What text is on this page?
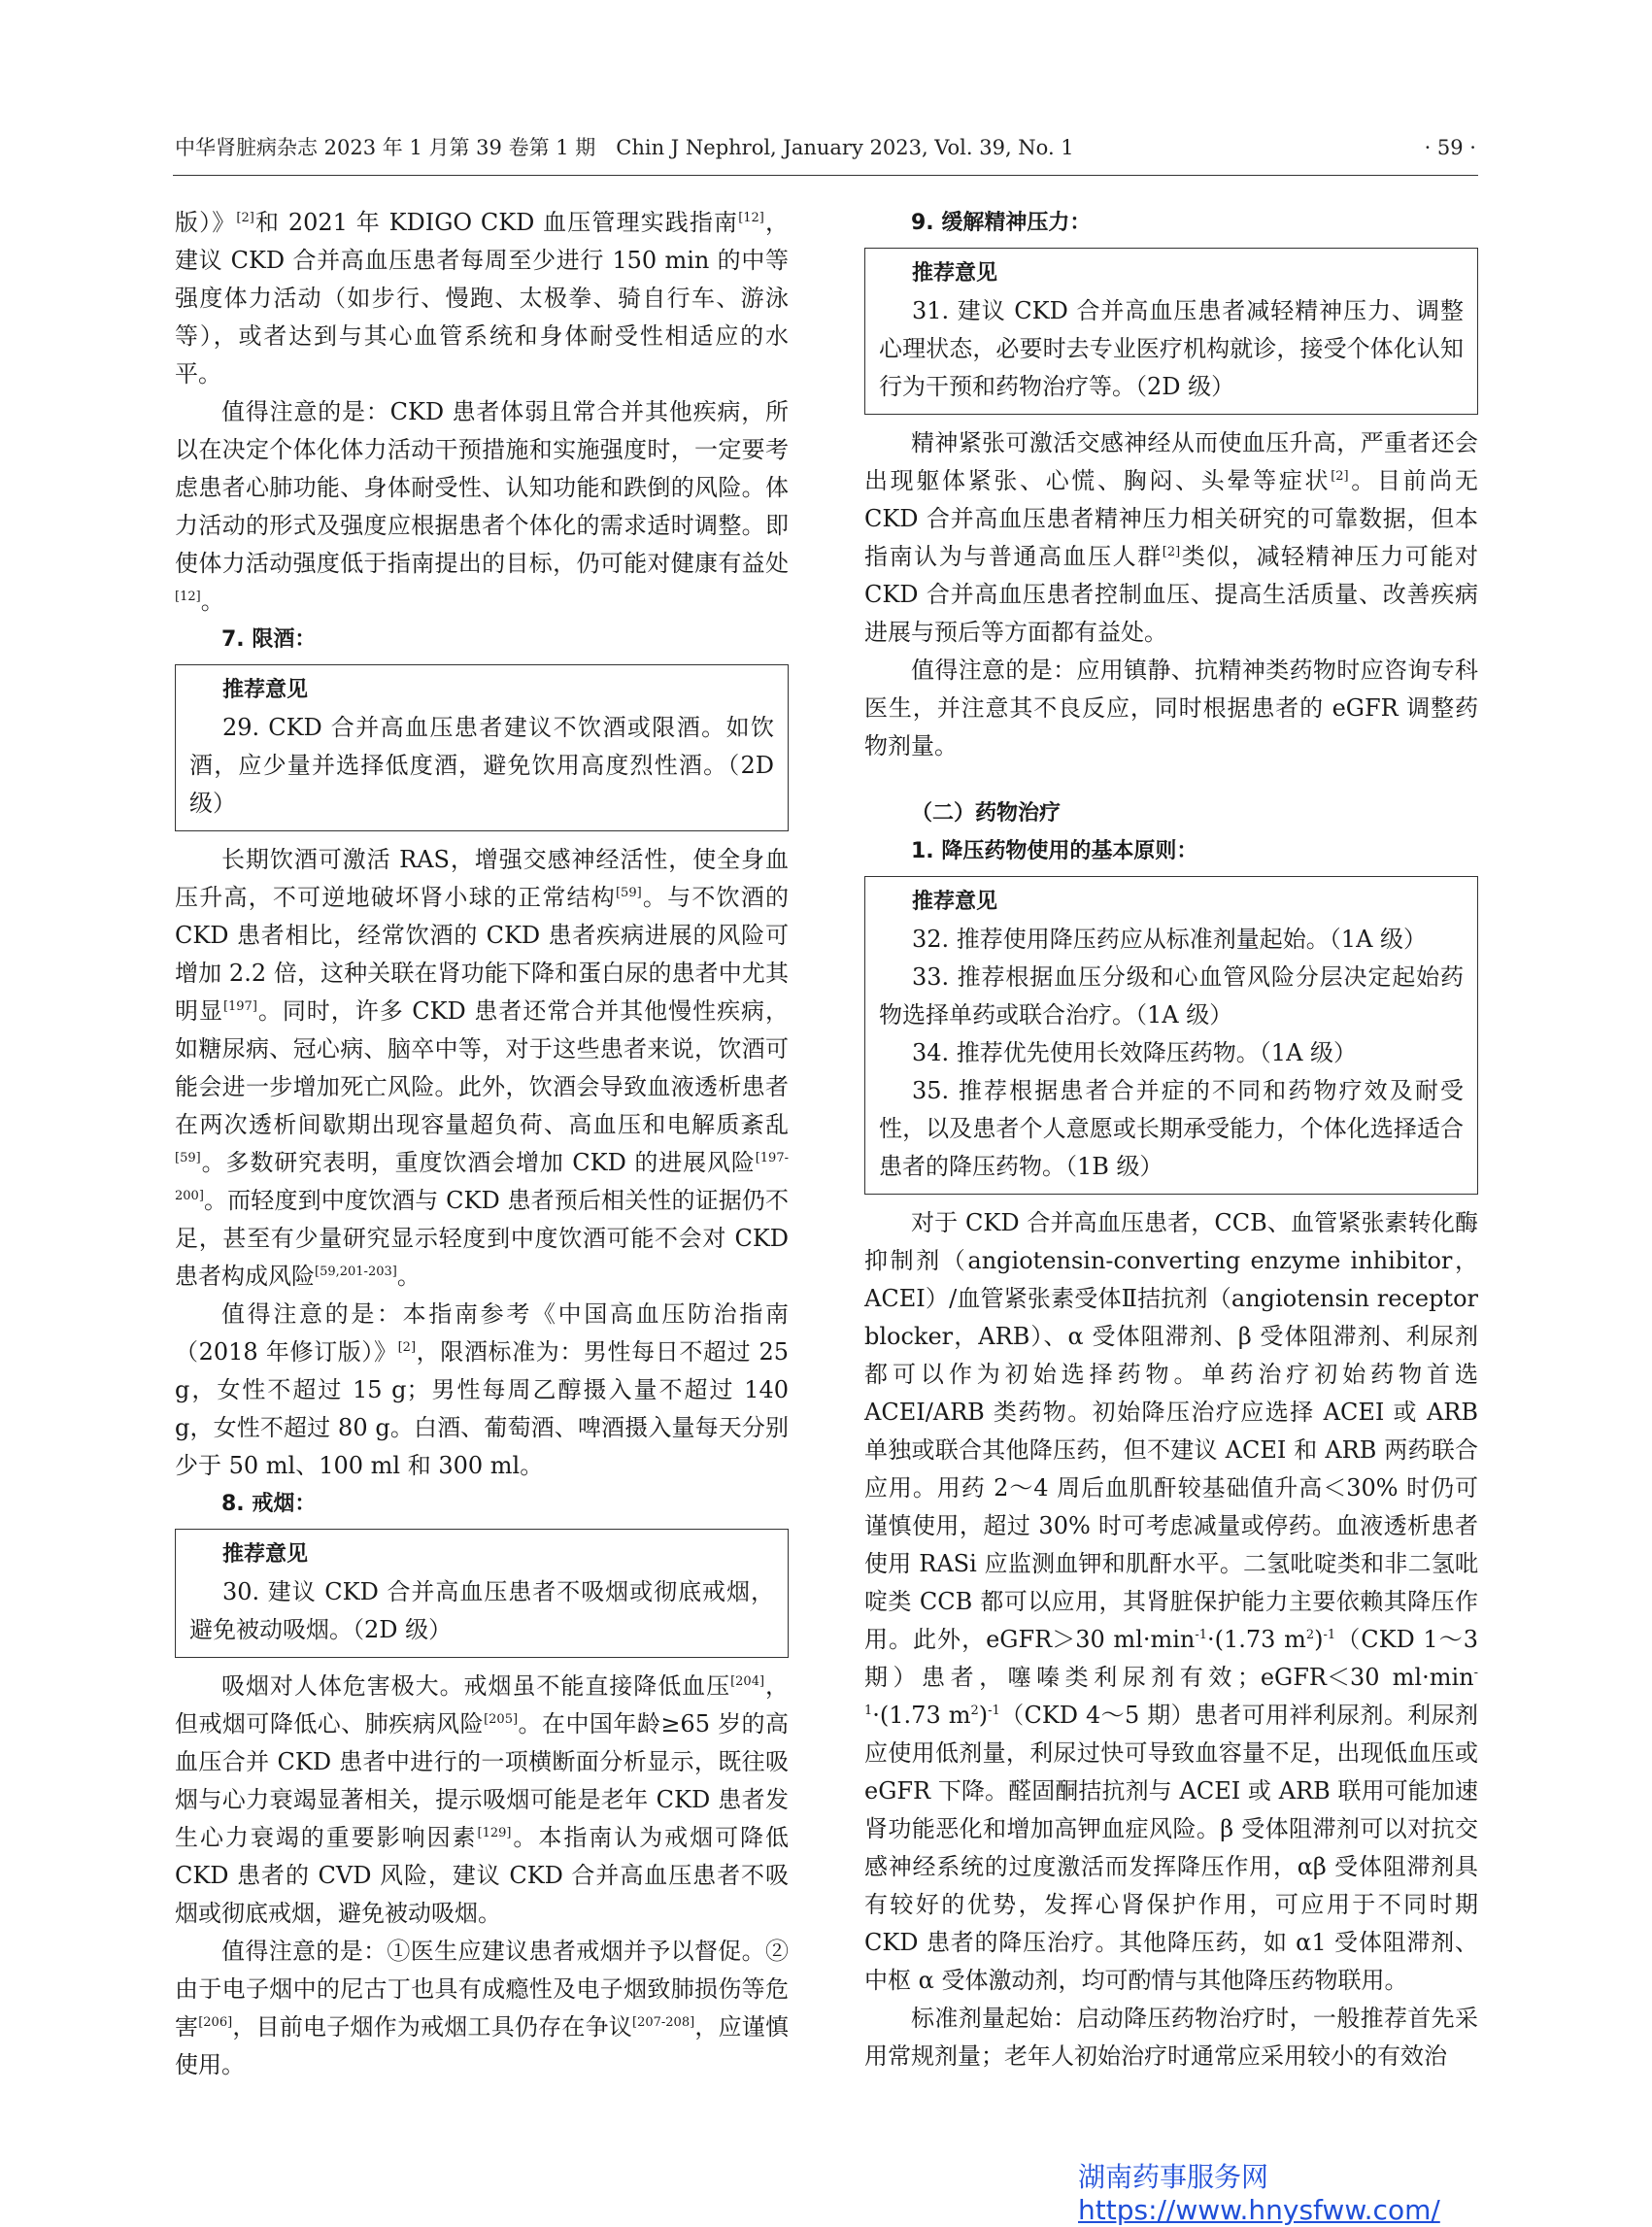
中华肾脏病杂志 2023 年 1 月第 39 卷第 1 期　Chin J Nephrol, January 2023, Vol. 39, No. 1	· 59 ·

版）》[2]和 2021 年 KDIGO CKD 血压管理实践指南[12]，建议 CKD 合并高血压患者每周至少进行 150 min 的中等强度体力活动（如步行、慢跑、太极拳、骑自行车、游泳等），或者达到与其心血管系统和身体耐受性相适应的水平。

值得注意的是：CKD 患者体弱且常合并其他疾病，所以在决定个体化体力活动干预措施和实施强度时，一定要考虑患者心肺功能、身体耐受性、认知功能和跌倒的风险。体力活动的形式及强度应根据患者个体化的需求适时调整。即使体力活动强度低于指南提出的目标，仍可能对健康有益处[12]。

7. 限酒：

推荐意见

29. CKD 合并高血压患者建议不饮酒或限酒。如饮酒，应少量并选择低度酒，避免饮用高度烈性酒。（2D 级）

长期饮酒可激活 RAS，增强交感神经活性，使全身血压升高，不可逆地破坏肾小球的正常结构[59]。与不饮酒的 CKD 患者相比，经常饮酒的 CKD 患者疾病进展的风险可增加 2.2 倍，这种关联在肾功能下降和蛋白尿的患者中尤其明显[197]。同时，许多 CKD 患者还常合并其他慢性疾病，如糖尿病、冠心病、脑卒中等，对于这些患者来说，饮酒可能会进一步增加死亡风险。此外，饮酒会导致血液透析患者在两次透析间歇期出现容量超负荷、高血压和电解质紊乱[59]。多数研究表明，重度饮酒会增加 CKD 的进展风险[197-200]。而轻度到中度饮酒与 CKD 患者预后相关性的证据仍不足，甚至有少量研究显示轻度到中度饮酒可能不会对 CKD 患者构成风险[59,201-203]。

值得注意的是：本指南参考《中国高血压防治指南（2018 年修订版）》[2]，限酒标准为：男性每日不超过 25 g，女性不超过 15 g；男性每周乙醇摄入量不超过 140 g，女性不超过 80 g。白酒、葡萄酒、啤酒摄入量每天分别少于 50 ml、100 ml 和 300 ml。

8. 戒烟：

推荐意见

30. 建议 CKD 合并高血压患者不吸烟或彻底戒烟，避免被动吸烟。（2D 级）

吸烟对人体危害极大。戒烟虽不能直接降低血压[204]，但戒烟可降低心、肺疾病风险[205]。在中国年龄≥65 岁的高血压合并 CKD 患者中进行的一项横断面分析显示，既往吸烟与心力衰竭显著相关，提示吸烟可能是老年 CKD 患者发生心力衰竭的重要影响因素[129]。本指南认为戒烟可降低 CKD 患者的 CVD 风险，建议 CKD 合并高血压患者不吸烟或彻底戒烟，避免被动吸烟。

值得注意的是：①医生应建议患者戒烟并予以督促。②由于电子烟中的尼古丁也具有成瘾性及电子烟致肺损伤等危害[206]，目前电子烟作为戒烟工具仍存在争议[207-208]，应谨慎使用。

9. 缓解精神压力：

推荐意见

31. 建议 CKD 合并高血压患者减轻精神压力、调整心理状态，必要时去专业医疗机构就诊，接受个体化认知行为干预和药物治疗等。（2D 级）

精神紧张可激活交感神经从而使血压升高，严重者还会出现躯体紧张、心慌、胸闷、头晕等症状[2]。目前尚无 CKD 合并高血压患者精神压力相关研究的可靠数据，但本指南认为与普通高血压人群[2]类似，减轻精神压力可能对 CKD 合并高血压患者控制血压、提高生活质量、改善疾病进展与预后等方面都有益处。

值得注意的是：应用镇静、抗精神类药物时应咨询专科医生，并注意其不良反应，同时根据患者的 eGFR 调整药物剂量。

（二）药物治疗

1. 降压药物使用的基本原则：

推荐意见

32. 推荐使用降压药应从标准剂量起始。（1A 级）

33. 推荐根据血压分级和心血管风险分层决定起始药物选择单药或联合治疗。（1A 级）

34. 推荐优先使用长效降压药物。（1A 级）

35. 推荐根据患者合并症的不同和药物疗效及耐受性，以及患者个人意愿或长期承受能力，个体化选择适合患者的降压药物。（1B 级）

对于 CKD 合并高血压患者，CCB、血管紧张素转化酶抑制剂（angiotensin-converting enzyme inhibitor，ACEI）/血管紧张素受体Ⅱ拮抗剂（angiotensin receptor blocker，ARB）、α 受体阻滞剂、β 受体阻滞剂、利尿剂都可以作为初始选择药物。单药治疗初始药物首选 ACEI/ARB 类药物。初始降压治疗应选择 ACEI 或 ARB 单独或联合其他降压药，但不建议 ACEI 和 ARB 两药联合应用。用药 2～4 周后血肌酐较基础值升高＜30% 时仍可谨慎使用，超过 30% 时可考虑减量或停药。血液透析患者使用 RASi 应监测血钾和肌酐水平。二氢吡啶类和非二氢吡啶类 CCB 都可以应用，其肾脏保护能力主要依赖其降压作用。此外，eGFR＞30 $ml\cdot\min^{-1}\cdot(1.73$ $m^2)^{-1}(CKD$ 1～3 期）患者，噻嗪类利尿剂有效；eGFR＜30 $ml\cdot\min^{-1}\cdot(1.73$ $m^2)^{-1}(CKD$ 4～5 期）患者可用袢利尿剂。利尿剂应使用低剂量，利尿过快可导致血容量不足，出现低血压或 eGFR 下降。醛固酮拮抗剂与 ACEI 或 ARB 联用可能加速肾功能恶化和增加高钾血症风险。β 受体阻滞剂可以对抗交感神经系统的过度激活而发挥降压作用，αβ 受体阻滞剂具有较好的优势，发挥心肾保护作用，可应用于不同时期 CKD 患者的降压治疗。其他降压药，如 α1 受体阻滞剂、中枢 α 受体激动剂，均可酌情与其他降压药物联用。

标准剂量起始：启动降压药物治疗时，一般推荐首先采用常规剂量；老年人初始治疗时通常应采用较小的有效治

湖南药事服务网
https://www.hnysfww.com/
